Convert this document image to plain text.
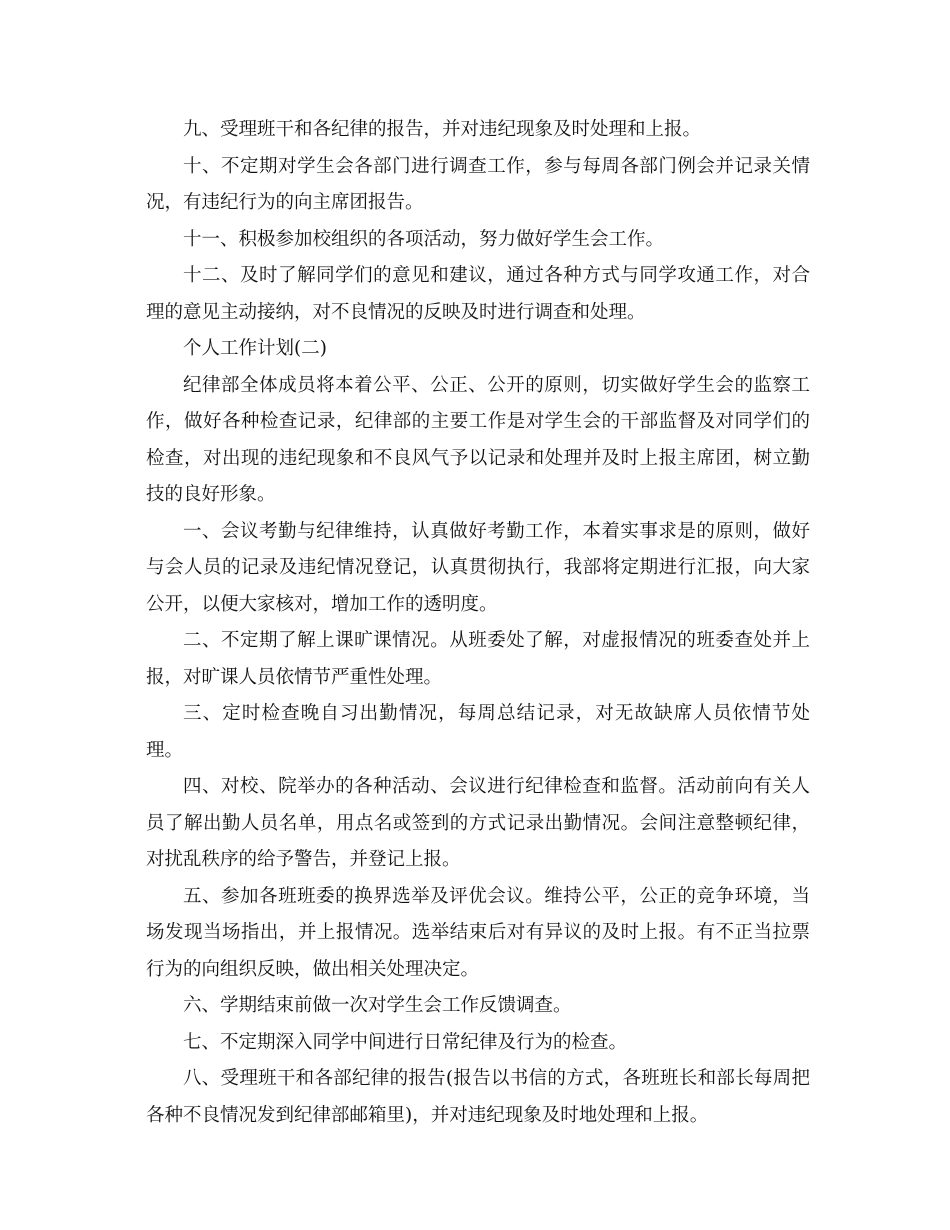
九、受理班干和各纪律的报告，并对违纪现象及时处理和上报。

十、不定期对学生会各部门进行调查工作，参与每周各部门例会并记录关情况，有违纪行为的向主席团报告。

十一、积极参加校组织的各项活动，努力做好学生会工作。

十二、及时了解同学们的意见和建议，通过各种方式与同学攻通工作，对合理的意见主动接纳，对不良情况的反映及时进行调查和处理。

个人工作计划(二)

纪律部全体成员将本着公平、公正、公开的原则，切实做好学生会的监察工作，做好各种检查记录，纪律部的主要工作是对学生会的干部监督及对同学们的检查，对出现的违纪现象和不良风气予以记录和处理并及时上报主席团，树立勤技的良好形象。

一、会议考勤与纪律维持，认真做好考勤工作，本着实事求是的原则，做好与会人员的记录及违纪情况登记，认真贯彻执行，我部将定期进行汇报，向大家公开，以便大家核对，增加工作的透明度。

二、不定期了解上课旷课情况。从班委处了解，对虚报情况的班委查处并上报，对旷课人员依情节严重性处理。

三、定时检查晚自习出勤情况，每周总结记录，对无故缺席人员依情节处理。

四、对校、院举办的各种活动、会议进行纪律检查和监督。活动前向有关人员了解出勤人员名单，用点名或签到的方式记录出勤情况。会间注意整顿纪律，对扰乱秩序的给予警告，并登记上报。

五、参加各班班委的换界选举及评优会议。维持公平，公正的竞争环境，当场发现当场指出，并上报情况。选举结束后对有异议的及时上报。有不正当拉票行为的向组织反映，做出相关处理决定。

六、学期结束前做一次对学生会工作反馈调查。

七、不定期深入同学中间进行日常纪律及行为的检查。

八、受理班干和各部纪律的报告(报告以书信的方式，各班班长和部长每周把各种不良情况发到纪律部邮箱里)，并对违纪现象及时地处理和上报。
